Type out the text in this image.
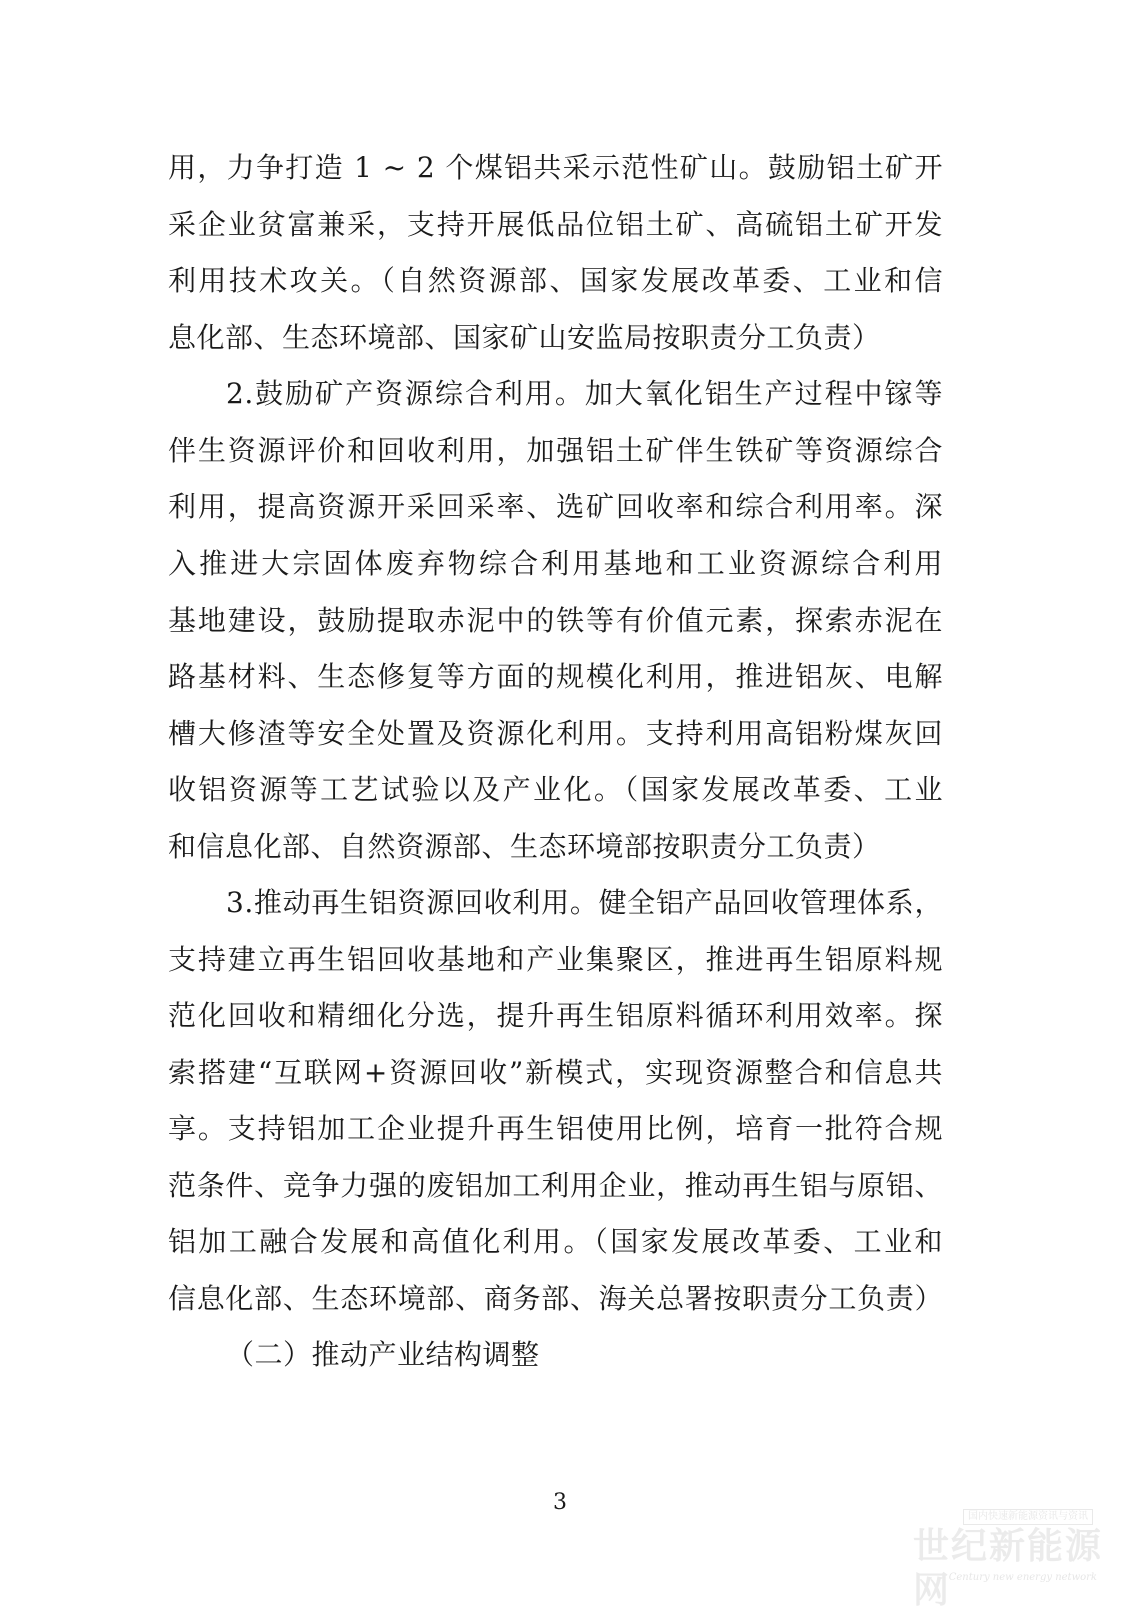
用，力争打造 1 ~ 2 个煤铝共采示范性矿山。鼓励铝土矿开
采企业贫富兼采，支持开展低品位铝土矿、高硫铝土矿开发
利用技术攻关。（自然资源部、国家发展改革委、工业和信
息化部、生态环境部、国家矿山安监局按职责分工负责）
2.鼓励矿产资源综合利用。加大氧化铝生产过程中镓等
伴生资源评价和回收利用，加强铝土矿伴生铁矿等资源综合
利用，提高资源开采回采率、选矿回收率和综合利用率。深
入推进大宗固体废弃物综合利用基地和工业资源综合利用
基地建设，鼓励提取赤泥中的铁等有价值元素，探索赤泥在
路基材料、生态修复等方面的规模化利用，推进铝灰、电解
槽大修渣等安全处置及资源化利用。支持利用高铝粉煤灰回
收铝资源等工艺试验以及产业化。（国家发展改革委、工业
和信息化部、自然资源部、生态环境部按职责分工负责）
3.推动再生铝资源回收利用。健全铝产品回收管理体系，
支持建立再生铝回收基地和产业集聚区，推进再生铝原料规
范化回收和精细化分选，提升再生铝原料循环利用效率。探
索搭建“互联网+资源回收”新模式，实现资源整合和信息共
享。支持铝加工企业提升再生铝使用比例，培育一批符合规
范条件、竞争力强的废铝加工利用企业，推动再生铝与原铝、
铝加工融合发展和高值化利用。（国家发展改革委、工业和
信息化部、生态环境部、商务部、海关总署按职责分工负责）
（二）推动产业结构调整
3
国内快速新能源资讯与资讯
世纪新能源网
Century new energy network
